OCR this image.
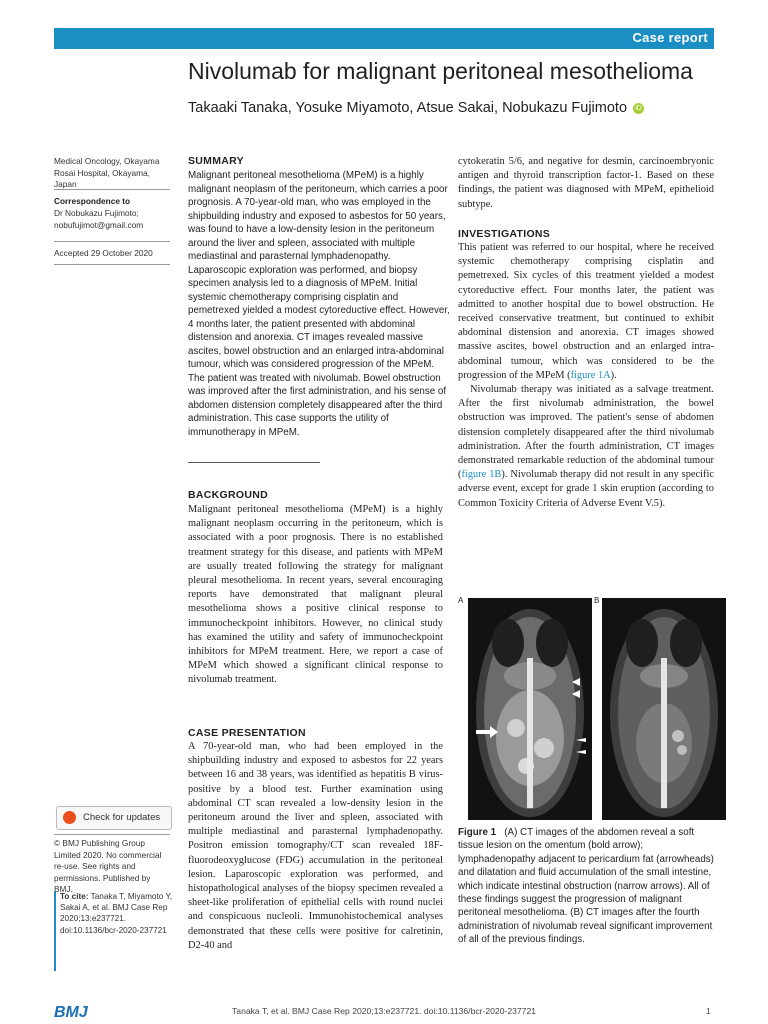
Case report
Nivolumab for malignant peritoneal mesothelioma
Takaaki Tanaka, Yosuke Miyamoto, Atsue Sakai, Nobukazu Fujimoto iD
Medical Oncology, Okayama Rosai Hospital, Okayama, Japan
Correspondence to
Dr Nobukazu Fujimoto; nobufujimot@gmail.com
Accepted 29 October 2020
Check for updates
© BMJ Publishing Group Limited 2020. No commercial re-use. See rights and permissions. Published by BMJ.
To cite: Tanaka T, Miyamoto Y, Sakai A, et al. BMJ Case Rep 2020;13:e237721. doi:10.1136/bcr-2020-237721
SUMMARY
Malignant peritoneal mesothelioma (MPeM) is a highly malignant neoplasm of the peritoneum, which carries a poor prognosis. A 70-year-old man, who was employed in the shipbuilding industry and exposed to asbestos for 50 years, was found to have a low-density lesion in the peritoneum around the liver and spleen, associated with multiple mediastinal and parasternal lymphadenopathy. Laparoscopic exploration was performed, and biopsy specimen analysis led to a diagnosis of MPeM. Initial systemic chemotherapy comprising cisplatin and pemetrexed yielded a modest cytoreductive effect. However, 4 months later, the patient presented with abdominal distension and anorexia. CT images revealed massive ascites, bowel obstruction and an enlarged intra-abdominal tumour, which was considered progression of the MPeM. The patient was treated with nivolumab. Bowel obstruction was improved after the first administration, and his sense of abdomen distension completely disappeared after the third administration. This case supports the utility of immunotherapy in MPeM.
BACKGROUND
Malignant peritoneal mesothelioma (MPeM) is a highly malignant neoplasm occurring in the peritoneum, which is associated with a poor prognosis. There is no established treatment strategy for this disease, and patients with MPeM are usually treated following the strategy for malignant pleural mesothelioma. In recent years, several encouraging reports have demonstrated that malignant pleural mesothelioma shows a positive clinical response to immunocheckpoint inhibitors. However, no clinical study has examined the utility and safety of immunocheckpoint inhibitors for MPeM treatment. Here, we report a case of MPeM which showed a significant clinical response to nivolumab treatment.
CASE PRESENTATION
A 70-year-old man, who had been employed in the shipbuilding industry and exposed to asbestos for 22 years between 16 and 38 years, was identified as hepatitis B virus-positive by a blood test. Further examination using abdominal CT scan revealed a low-density lesion in the peritoneum around the liver and spleen, associated with multiple mediastinal and parasternal lymphadenopathy. Positron emission tomography/CT scan revealed 18F-fluorodeoxyglucose (FDG) accumulation in the peritoneal lesion. Laparoscopic exploration was performed, and histopathological analyses of the biopsy specimen revealed a sheet-like proliferation of epithelial cells with round nuclei and conspicuous nucleoli. Immunohistochemical analyses demonstrated that these cells were positive for calretinin, D2-40 and
cytokeratin 5/6, and negative for desmin, carcinoembryonic antigen and thyroid transcription factor-1. Based on these findings, the patient was diagnosed with MPeM, epithelioid subtype.
INVESTIGATIONS

This patient was referred to our hospital, where he received systemic chemotherapy comprising cisplatin and pemetrexed. Six cycles of this treatment yielded a modest cytoreductive effect. Four months later, the patient was admitted to another hospital due to bowel obstruction. He received conservative treatment, but continued to exhibit abdominal distension and anorexia. CT images showed massive ascites, bowel obstruction and an enlarged intra-abdominal tumour, which was considered to be the progression of the MPeM (figure 1A).

Nivolumab therapy was initiated as a salvage treatment. After the first nivolumab administration, the bowel obstruction was improved. The patient's sense of abdomen distension completely disappeared after the third nivolumab administration. After the fourth administration, CT images demonstrated remarkable reduction of the abdominal tumour (figure 1B). Nivolumab therapy did not result in any specific adverse event, except for grade 1 skin eruption (according to Common Toxicity Criteria of Adverse Event V.5).

A	B
Figure 1 (A) CT images of the abdomen reveal a soft tissue lesion on the omentum (bold arrow); lymphadenopathy adjacent to pericardium fat (arrowheads) and dilatation and fluid accumulation of the small intestine, which indicate intestinal obstruction (narrow arrows). All of these findings suggest the progression of malignant peritoneal mesothelioma. (B) CT images after the fourth administration of nivolumab reveal significant improvement of all of the previous findings.
BMJ	Tanaka T, et al. BMJ Case Rep 2020;13:e237721. doi:10.1136/bcr-2020-237721	1
